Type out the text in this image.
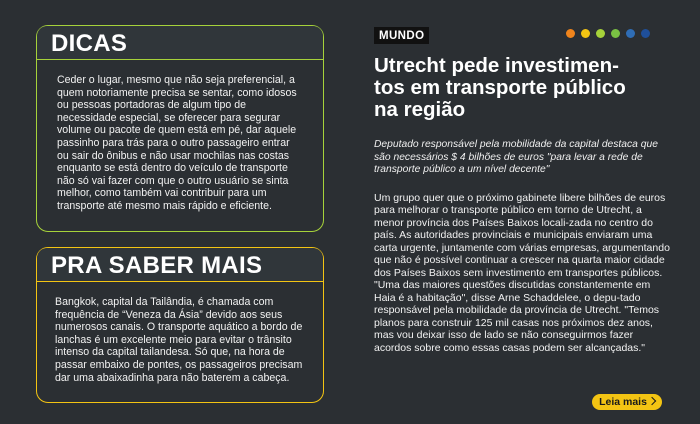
DICAS
Ceder o lugar, mesmo que não seja preferencial, a quem notoriamente precisa se sentar, como idosos ou pessoas portadoras de algum tipo de necessidade especial, se oferecer para segurar volume ou pacote de quem está em pé, dar aquele passinho para trás para o outro passageiro entrar ou sair do ônibus e não usar mochilas nas costas enquanto se está dentro do veículo de transporte não só vai fazer com que o outro usuário se sinta melhor, como também vai contribuir para um transporte até mesmo mais rápido e eficiente.
PRA SABER MAIS
Bangkok, capital da Tailândia, é chamada com frequência de “Veneza da Ásia” devido aos seus numerosos canais. O transporte aquático a bordo de lanchas é um excelente meio para evitar o trânsito intenso da capital tailandesa. Só que, na hora de passar embaixo de pontes, os passageiros precisam dar uma abaixadinha para não baterem a cabeça.
MUNDO
Utrecht pede investimen-
tos em transporte público
na região

Deputado responsável pela mobilidade da capital destaca que são necessários $ 4 bilhões de euros "para levar a rede de transporte público a um nível decente"

Um grupo quer que o próximo gabinete libere bilhões de euros para melhorar o transporte público em torno de Utrecht, a menor província dos Países Baixos locali-zada no centro do país. As autoridades provinciais e municipais enviaram uma carta urgente, juntamente com várias empresas, argumentando que não é possível continuar a crescer na quarta maior cidade dos Países Baixos sem investimento em transportes públicos. "Uma das maiores questões discutidas constantemente em Haia é a habitação", disse Arne Schaddelee, o depu-tado responsável pela mobilidade da província de Utrecht. "Temos planos para construir 125 mil casas nos próximos dez anos, mas vou deixar isso de lado se não conseguirmos fazer acordos sobre como essas casas podem ser alcançadas."

Leia mais
